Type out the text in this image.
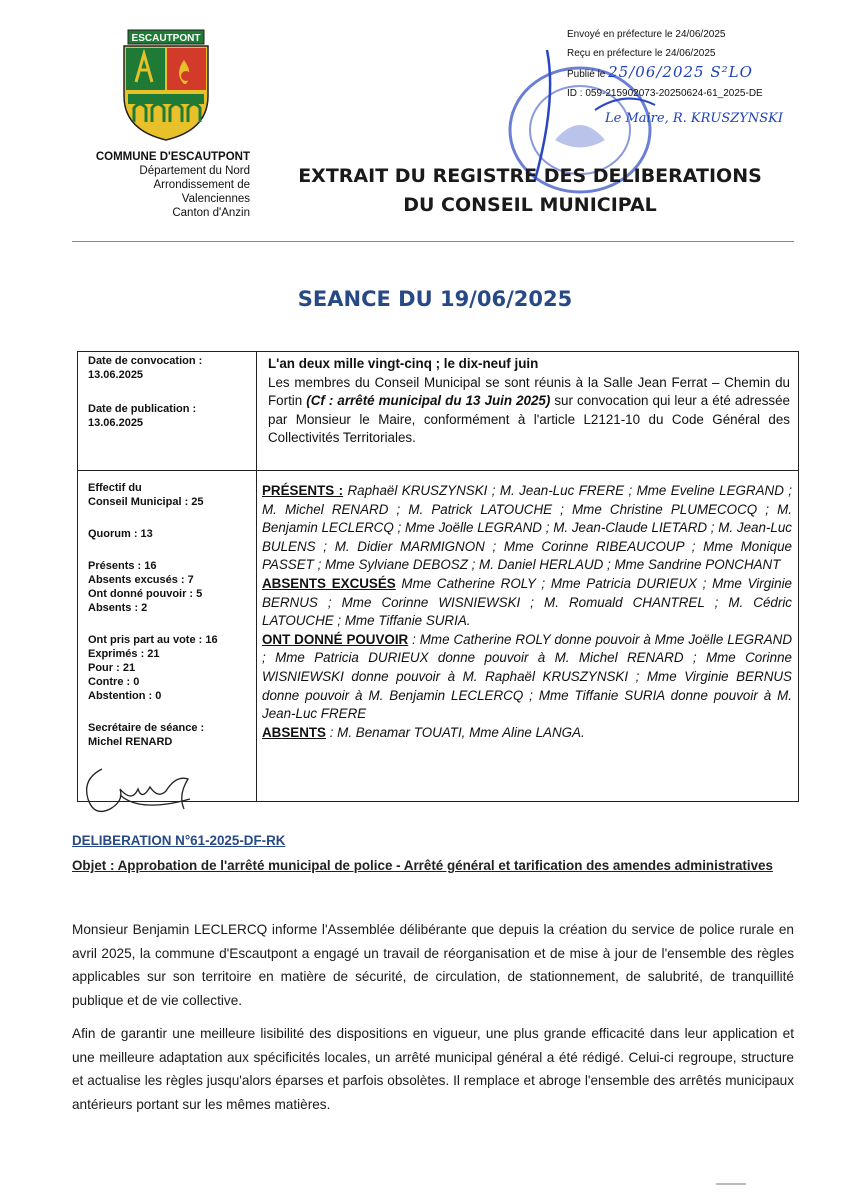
ESCAUTPONT
COMMUNE D'ESCAUTPONT
Département du Nord
Arrondissement de
Valenciennes
Canton d'Anzin
Le Maire, R. KRUSZYNSKI
Envoyé en préfecture le 24/06/2025
Reçu en préfecture le 24/06/2025
Publié le 25/06/2025 S²LO
ID : 059-215902073-20250624-61_2025-DE
EXTRAIT DU REGISTRE DES DELIBERATIONS
DU CONSEIL MUNICIPAL
SEANCE DU 19/06/2025
Date de convocation :
13.06.2025
Date de publication :
13.06.2025
L'an deux mille vingt-cinq ; le dix-neuf juin
Les membres du Conseil Municipal se sont réunis à la Salle Jean Ferrat – Chemin du Fortin (Cf : arrêté municipal du 13 Juin 2025) sur convocation qui leur a été adressée par Monsieur le Maire, conformément à l'article L2121-10 du Code Général des Collectivités Territoriales.
Effectif du
Conseil Municipal : 25
Quorum : 13
Présents : 16
Absents excusés : 7
Ont donné pouvoir : 5
Absents : 2
Ont pris part au vote : 16
Exprimés : 21
Pour : 21
Contre : 0
Abstention : 0
Secrétaire de séance :
Michel RENARD
PRÉSENTS : Raphaël KRUSZYNSKI ; M. Jean-Luc FRERE ; Mme Eveline LEGRAND ; M. Michel RENARD ; M. Patrick LATOUCHE ; Mme Christine PLUMECOCQ ; M. Benjamin LECLERCQ ; Mme Joëlle LEGRAND ; M. Jean-Claude LIETARD ; M. Jean-Luc BULENS ; M. Didier MARMIGNON ; Mme Corinne RIBEAUCOUP ; Mme Monique PASSET ; Mme Sylviane DEBOSZ ; M. Daniel HERLAUD ; Mme Sandrine PONCHANT
ABSENTS EXCUSÉS Mme Catherine ROLY ; Mme Patricia DURIEUX ; Mme Virginie BERNUS ; Mme Corinne WISNIEWSKI ; M. Romuald CHANTREL ; M. Cédric LATOUCHE ; Mme Tiffanie SURIA.
ONT DONNÉ POUVOIR : Mme Catherine ROLY donne pouvoir à Mme Joëlle LEGRAND ; Mme Patricia DURIEUX donne pouvoir à M. Michel RENARD ; Mme Corinne WISNIEWSKI donne pouvoir à M. Raphaël KRUSZYNSKI ; Mme Virginie BERNUS donne pouvoir à M. Benjamin LECLERCQ ; Mme Tiffanie SURIA donne pouvoir à M. Jean-Luc FRERE
ABSENTS : M. Benamar TOUATI, Mme Aline LANGA.
DELIBERATION N°61-2025-DF-RK
Objet : Approbation de l'arrêté municipal de police - Arrêté général et tarification des amendes administratives
Monsieur Benjamin LECLERCQ informe l'Assemblée délibérante que depuis la création du service de police rurale en avril 2025, la commune d'Escautpont a engagé un travail de réorganisation et de mise à jour de l'ensemble des règles applicables sur son territoire en matière de sécurité, de circulation, de stationnement, de salubrité, de tranquillité publique et de vie collective.
Afin de garantir une meilleure lisibilité des dispositions en vigueur, une plus grande efficacité dans leur application et une meilleure adaptation aux spécificités locales, un arrêté municipal général a été rédigé. Celui-ci regroupe, structure et actualise les règles jusqu'alors éparses et parfois obsolètes. Il remplace et abroge l'ensemble des arrêtés municipaux antérieurs portant sur les mêmes matières.
